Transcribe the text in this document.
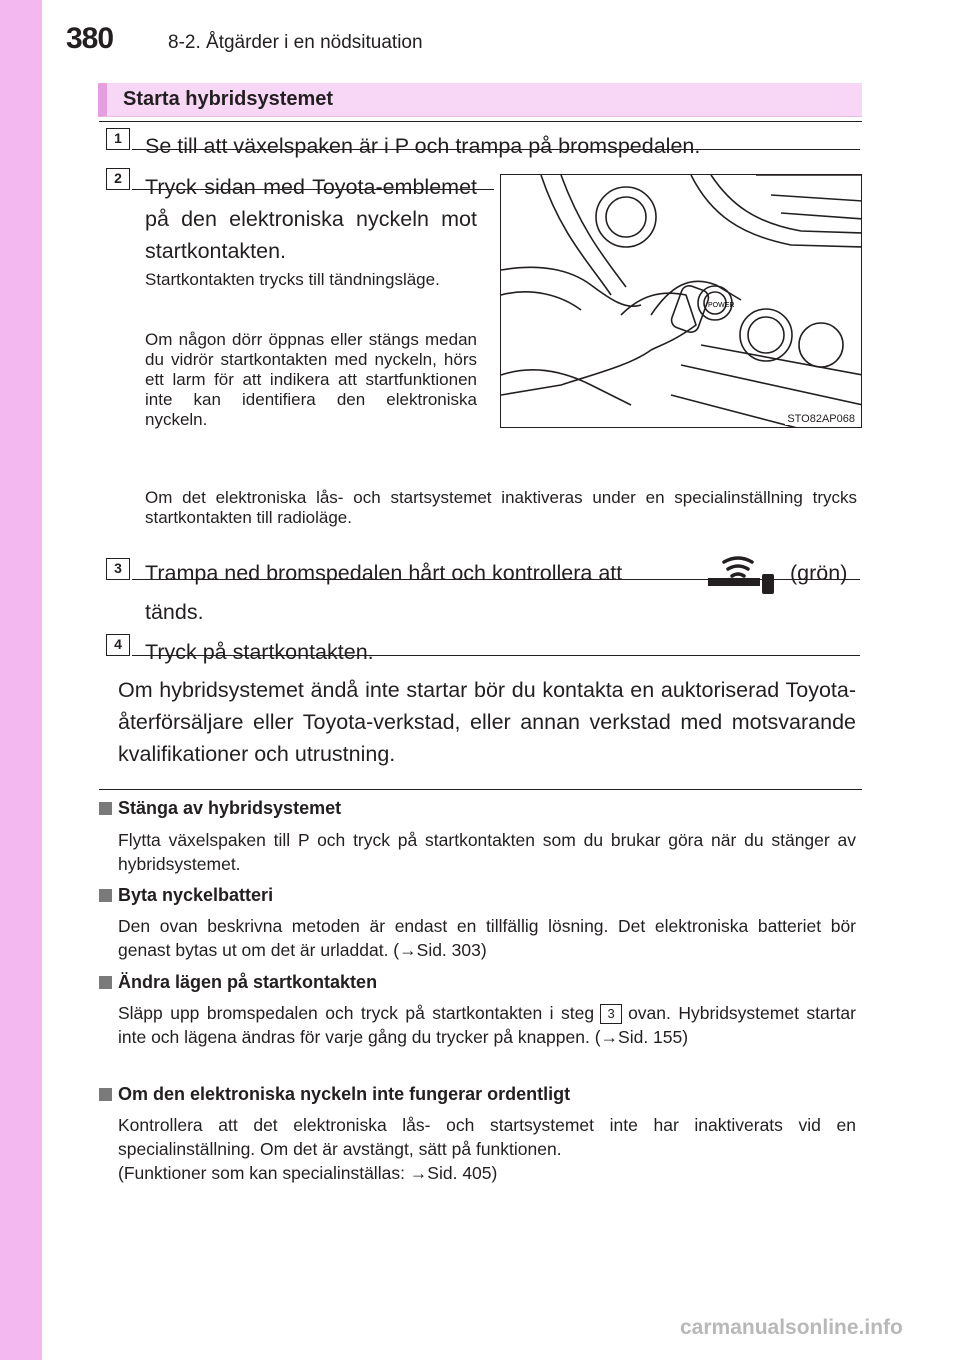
380	8-2. Åtgärder i en nödsituation
Starta hybridsystemet
1	Se till att växelspaken är i P och trampa på bromspedalen.
2	Tryck sidan med Toyota-emblemet på den elektroniska nyckeln mot startkontakten.
Startkontakten trycks till tändningsläge.
Om någon dörr öppnas eller stängs medan du vidrör startkontakten med nyckeln, hörs ett larm för att indikera att startfunktionen inte kan identifiera den elektroniska nyckeln.
Om det elektroniska lås- och startsystemet inaktiveras under en specialinställning trycks startkontakten till radioläge.
POWER
STO82AP068
3	Trampa ned bromspedalen hårt och kontrollera att	(grön)
tänds.
4	Tryck på startkontakten.
Om hybridsystemet ändå inte startar bör du kontakta en auktoriserad Toyota-återförsäljare eller Toyota-verkstad, eller annan verkstad med motsvarande kvalifikationer och utrustning.
Stänga av hybridsystemet
Flytta växelspaken till P och tryck på startkontakten som du brukar göra när du stänger av hybridsystemet.
Byta nyckelbatteri
Den ovan beskrivna metoden är endast en tillfällig lösning. Det elektroniska batteriet bör genast bytas ut om det är urladdat. (→Sid. 303)
Ändra lägen på startkontakten
Släpp upp bromspedalen och tryck på startkontakten i steg 3 ovan. Hybridsystemet startar inte och lägena ändras för varje gång du trycker på knappen. (→Sid. 155)
Om den elektroniska nyckeln inte fungerar ordentligt
Kontrollera att det elektroniska lås- och startsystemet inte har inaktiverats vid en specialinställning. Om det är avstängt, sätt på funktionen.
(Funktioner som kan specialinställas: →Sid. 405)
carmanualsonline.info
